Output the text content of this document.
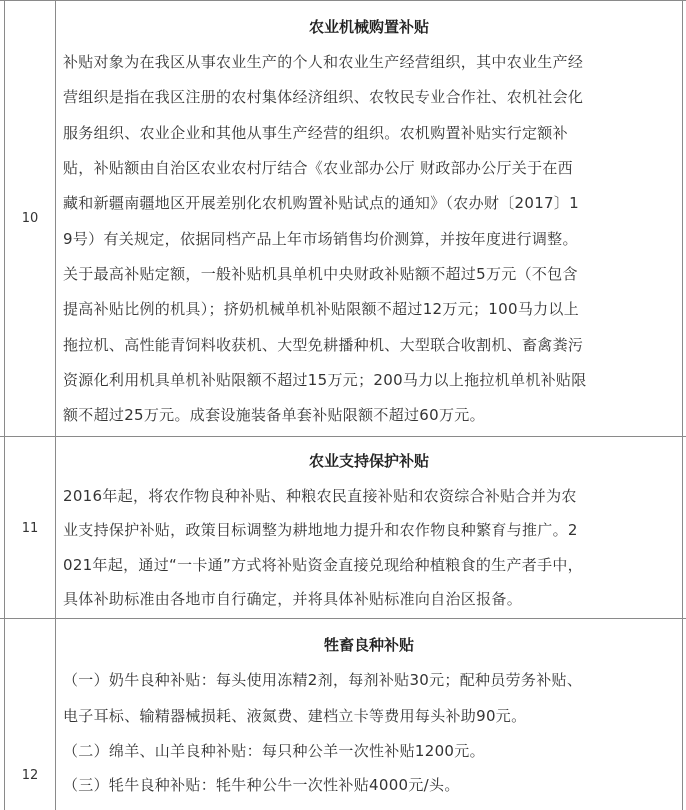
10
农业机械购置补贴
补贴对象为在我区从事农业生产的个人和农业生产经营组织，其中农业生产经
营组织是指在我区注册的农村集体经济组织、农牧民专业合作社、农机社会化
服务组织、农业企业和其他从事生产经营的组织。农机购置补贴实行定额补
贴，补贴额由自治区农业农村厅结合《农业部办公厅 财政部办公厅关于在西
藏和新疆南疆地区开展差别化农机购置补贴试点的通知》（农办财〔2017〕1
9号）有关规定，依据同档产品上年市场销售均价测算，并按年度进行调整。
关于最高补贴定额，一般补贴机具单机中央财政补贴额不超过5万元（不包含
提高补贴比例的机具）；挤奶机械单机补贴限额不超过12万元；100马力以上
拖拉机、高性能青饲料收获机、大型免耕播种机、大型联合收割机、畜禽粪污
资源化利用机具单机补贴限额不超过15万元；200马力以上拖拉机单机补贴限
额不超过25万元。成套设施装备单套补贴限额不超过60万元。
11
农业支持保护补贴
2016年起，将农作物良种补贴、种粮农民直接补贴和农资综合补贴合并为农
业支持保护补贴，政策目标调整为耕地地力提升和农作物良种繁育与推广。2
021年起，通过“一卡通”方式将补贴资金直接兑现给种植粮食的生产者手中，
具体补助标准由各地市自行确定，并将具体补贴标准向自治区报备。
12
牲畜良种补贴
（一）奶牛良种补贴：每头使用冻精2剂，每剂补贴30元；配种员劳务补贴、
电子耳标、输精器械损耗、液氮费、建档立卡等费用每头补助90元。
（二）绵羊、山羊良种补贴：每只种公羊一次性补贴1200元。
（三）牦牛良种补贴：牦牛种公牛一次性补贴4000元/头。
